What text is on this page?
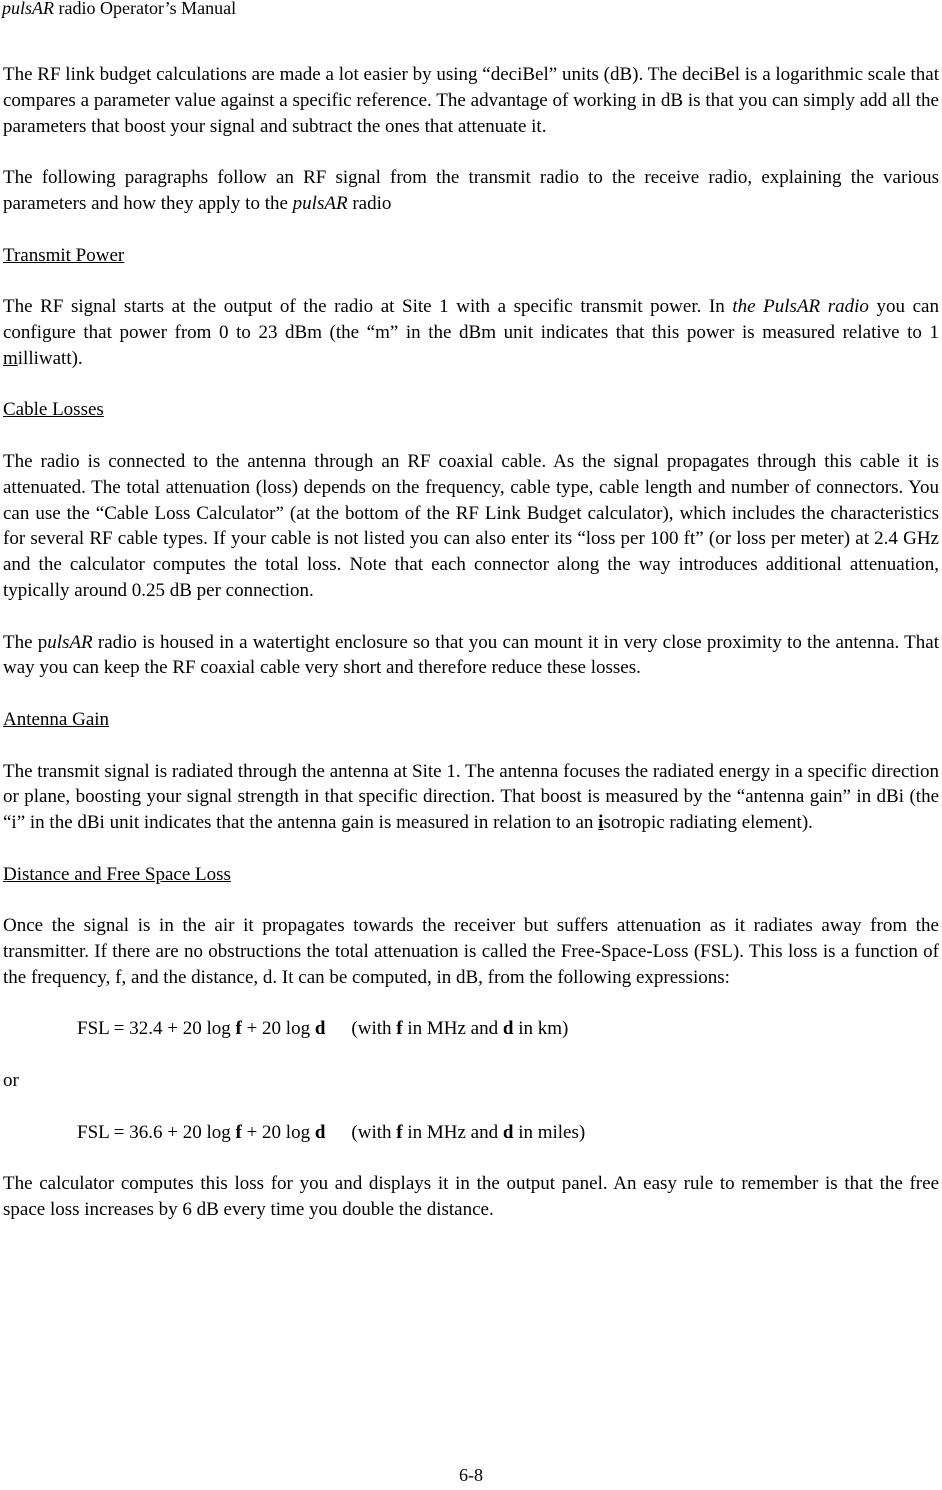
pulsAR radio Operator’s Manual

The RF link budget calculations are made a lot easier by using “deciBel” units (dB). The deciBel is a logarithmic scale that compares a parameter value against a specific reference. The advantage of working in dB is that you can simply add all the parameters that boost your signal and subtract the ones that attenuate it.

The following paragraphs follow an RF signal from the transmit radio to the receive radio, explaining the various parameters and how they apply to the pulsAR radio

Transmit Power

The RF signal starts at the output of the radio at Site 1 with a specific transmit power. In the PulsAR radio you can configure that power from 0 to 23 dBm (the “m” in the dBm unit indicates that this power is measured relative to 1 milliwatt).

Cable Losses

The radio is connected to the antenna through an RF coaxial cable. As the signal propagates through this cable it is attenuated. The total attenuation (loss) depends on the frequency, cable type, cable length and number of connectors. You can use the “Cable Loss Calculator” (at the bottom of the RF Link Budget calculator), which includes the characteristics for several RF cable types. If your cable is not listed you can also enter its “loss per 100 ft” (or loss per meter) at 2.4 GHz and the calculator computes the total loss. Note that each connector along the way introduces additional attenuation, typically around 0.25 dB per connection.

The pulsAR radio is housed in a watertight enclosure so that you can mount it in very close proximity to the antenna. That way you can keep the RF coaxial cable very short and therefore reduce these losses.

Antenna Gain

The transmit signal is radiated through the antenna at Site 1. The antenna focuses the radiated energy in a specific direction or plane, boosting your signal strength in that specific direction. That boost is measured by the “antenna gain” in dBi (the “i” in the dBi unit indicates that the antenna gain is measured in relation to an isotropic radiating element).

Distance and Free Space Loss

Once the signal is in the air it propagates towards the receiver but suffers attenuation as it radiates away from the transmitter. If there are no obstructions the total attenuation is called the Free-Space-Loss (FSL). This loss is a function of the frequency, f, and the distance, d. It can be computed, in dB, from the following expressions:

FSL = 32.4 + 20 log f + 20 log d (with f in MHz and d in km)
or
FSL = 36.6 + 20 log f + 20 log d (with f in MHz and d in miles)

The calculator computes this loss for you and displays it in the output panel. An easy rule to remember is that the free space loss increases by 6 dB every time you double the distance.

6-8
